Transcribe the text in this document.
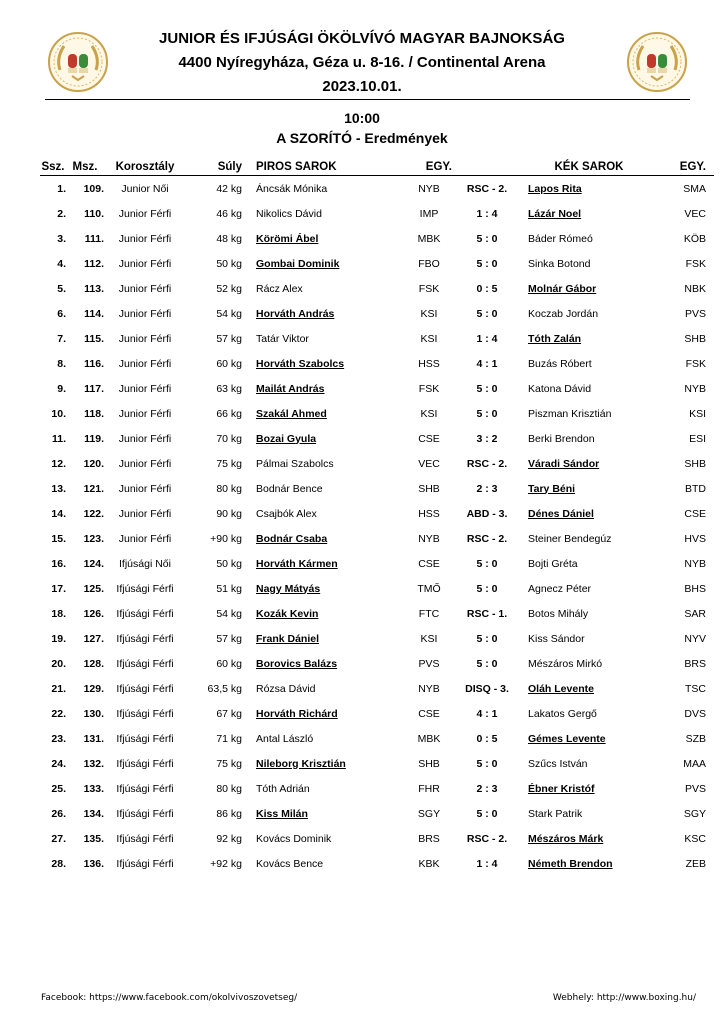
JUNIOR ÉS IFJÚSÁGI ÖKÖLVÍVÓ MAGYAR BAJNOKSÁG
4400 Nyíregyháza, Géza u. 8-16. / Continental Arena
2023.10.01.
10:00
A SZORÍTÓ - Eredmények
Ssz.	Msz.	Korosztály	Súly	PIROS SAROK	EGY.		KÉK SAROK	EGY.
1.	109.	Junior Női	42 kg	Áncsák Mónika	NYB	RSC - 2.	Lapos Rita	SMA
2.	110.	Junior Férfi	46 kg	Nikolics Dávid	IMP	1 : 4	Lázár Noel	VEC
3.	111.	Junior Férfi	48 kg	Körömi Ábel	MBK	5 : 0	Báder Rómeó	KÖB
4.	112.	Junior Férfi	50 kg	Gombai Dominik	FBO	5 : 0	Sinka Botond	FSK
5.	113.	Junior Férfi	52 kg	Rácz Alex	FSK	0 : 5	Molnár Gábor	NBK
6.	114.	Junior Férfi	54 kg	Horváth András	KSI	5 : 0	Koczab Jordán	PVS
7.	115.	Junior Férfi	57 kg	Tatár Viktor	KSI	1 : 4	Tóth Zalán	SHB
8.	116.	Junior Férfi	60 kg	Horváth Szabolcs	HSS	4 : 1	Buzás Róbert	FSK
9.	117.	Junior Férfi	63 kg	Mailát András	FSK	5 : 0	Katona Dávid	NYB
10.	118.	Junior Férfi	66 kg	Szakál Ahmed	KSI	5 : 0	Piszman Krisztián	KSI
11.	119.	Junior Férfi	70 kg	Bozai Gyula	CSE	3 : 2	Berki Brendon	ESI
12.	120.	Junior Férfi	75 kg	Pálmai Szabolcs	VEC	RSC - 2.	Váradi Sándor	SHB
13.	121.	Junior Férfi	80 kg	Bodnár Bence	SHB	2 : 3	Tary Béni	BTD
14.	122.	Junior Férfi	90 kg	Csajbók Alex	HSS	ABD - 3.	Dénes Dániel	CSE
15.	123.	Junior Férfi	+90 kg	Bodnár Csaba	NYB	RSC - 2.	Steiner Bendegúz	HVS
16.	124.	Ifjúsági Női	50 kg	Horváth Kármen	CSE	5 : 0	Bojti Gréta	NYB
17.	125.	Ifjúsági Férfi	51 kg	Nagy Mátyás	TMŐ	5 : 0	Agnecz Péter	BHS
18.	126.	Ifjúsági Férfi	54 kg	Kozák Kevin	FTC	RSC - 1.	Botos Mihály	SAR
19.	127.	Ifjúsági Férfi	57 kg	Frank Dániel	KSI	5 : 0	Kiss Sándor	NYV
20.	128.	Ifjúsági Férfi	60 kg	Borovics Balázs	PVS	5 : 0	Mészáros Mirkó	BRS
21.	129.	Ifjúsági Férfi	63,5 kg	Rózsa Dávid	NYB	DISQ - 3.	Oláh Levente	TSC
22.	130.	Ifjúsági Férfi	67 kg	Horváth Richárd	CSE	4 : 1	Lakatos Gergő	DVS
23.	131.	Ifjúsági Férfi	71 kg	Antal László	MBK	0 : 5	Gémes Levente	SZB
24.	132.	Ifjúsági Férfi	75 kg	Nileborg Krisztián	SHB	5 : 0	Szűcs István	MAA
25.	133.	Ifjúsági Férfi	80 kg	Tóth Adrián	FHR	2 : 3	Ébner Kristóf	PVS
26.	134.	Ifjúsági Férfi	86 kg	Kiss Milán	SGY	5 : 0	Stark Patrik	SGY
27.	135.	Ifjúsági Férfi	92 kg	Kovács Dominik	BRS	RSC - 2.	Mészáros Márk	KSC
28.	136.	Ifjúsági Férfi	+92 kg	Kovács Bence	KBK	1 : 4	Németh Brendon	ZEB
Facebook: https://www.facebook.com/okolvivoszovetseg/	Webhely: http://www.boxing.hu/
